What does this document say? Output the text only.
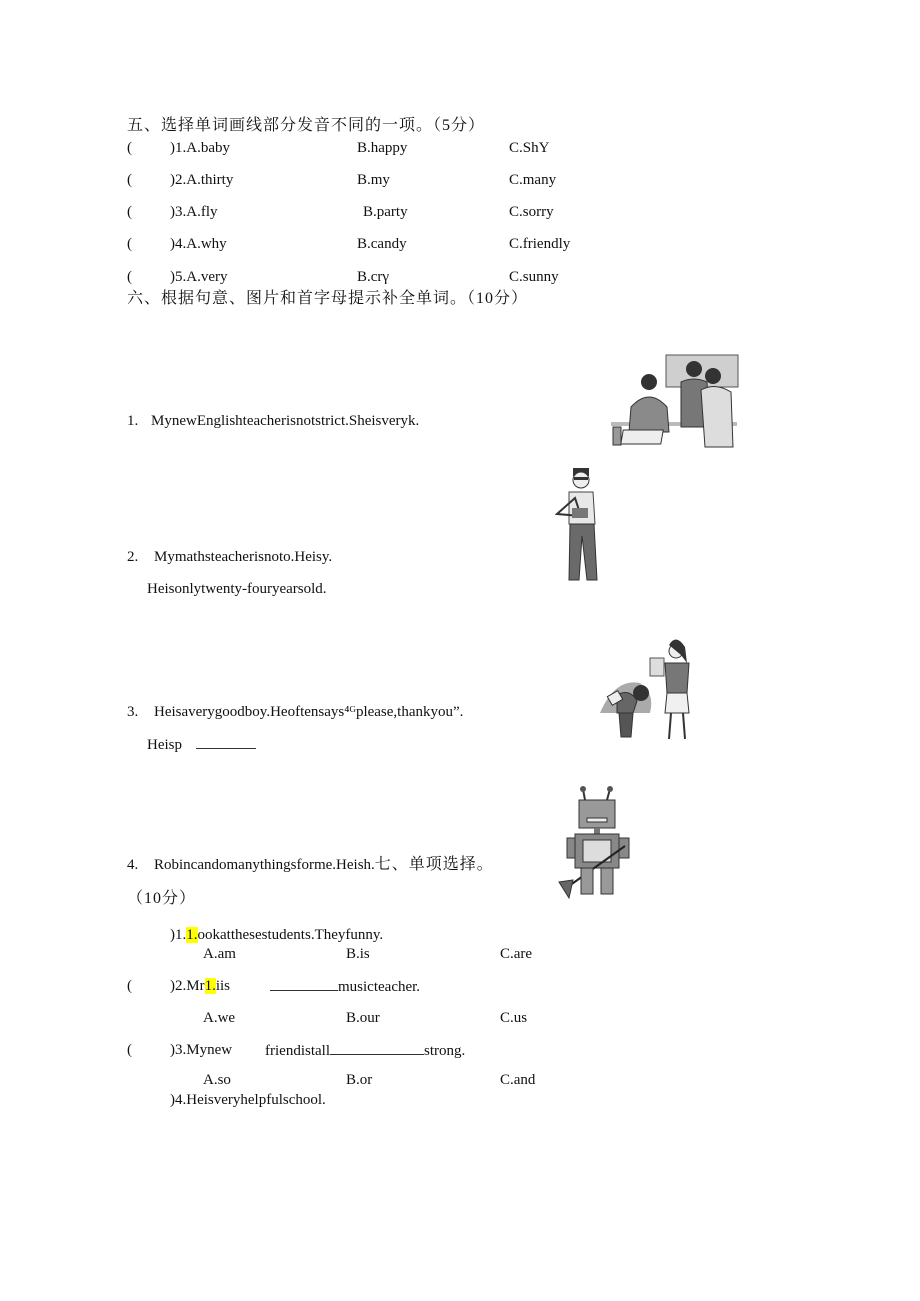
五、选择单词画线部分发音不同的一项。（5分）
(	)1.A.baby	B.happy	C.ShY
(	)2.A.thirty	B.my	C.many
(	)3.A.fly	B.party	C.sorry
(	)4.A.why	B.candy	C.friendly
(	)5.A.very	B.crγ	C.sunny
六、根据句意、图片和首字母提示补全单词。（10分）
1. MynewEnglishteacherisnotstrict.Sheisveryk.
2. Mymathsteacherisnoto.Heisy.
Heisonlytwenty-fouryearsold.
3. Heisaverygoodboy.Heoftensays⁴ᴳplease,thankyou”.
Heisp
4. Robincandomanythingsforme.Heish.七、单项选择。
（10分）
)1.1.ookatthesestudents.Theyfunny.
A.am	B.is	C.are
(	)2.Mr1.iis	musicteacher.
A.we	B.our	C.us
(	)3.Mynew friendistall	strong.
A.so	B.or	C.and
)4.Heisveryhelpfulschool.
